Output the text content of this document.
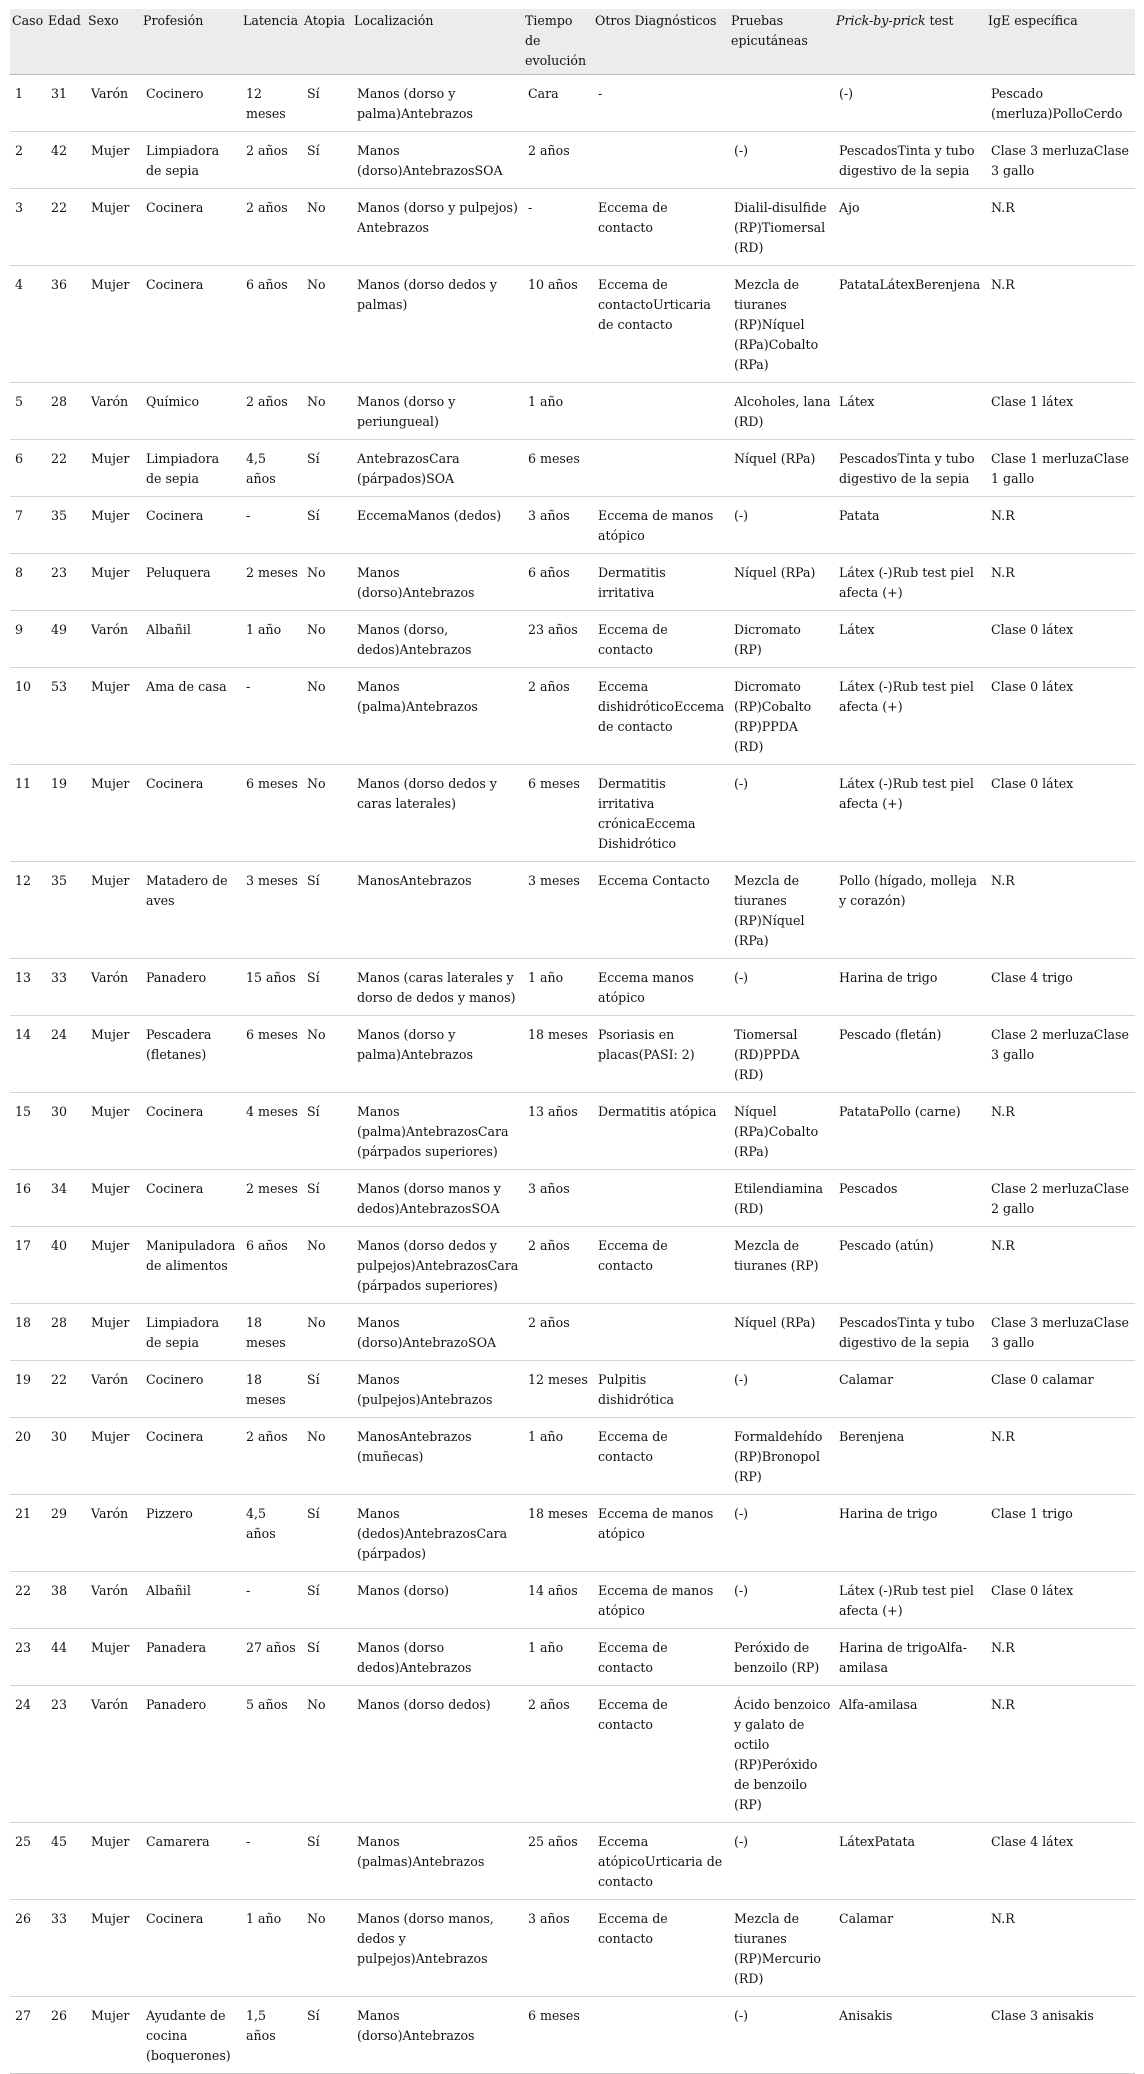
Caso	Edad	Sexo	Profesión	Latencia	Atopia	Localización	Tiempo de evolución	Otros Diagnósticos	Pruebas epicutáneas	Prick-by-prick test	IgE específica
1	31	Varón	Cocinero	12 meses	Sí	Manos (dorso y palma)Antebrazos	Cara	-		(-)	Pescado (merluza)PolloCerdo
2	42	Mujer	Limpiadora de sepia	2 años	Sí	Manos (dorso)AntebrazosSOA	2 años		(-)	PescadosTinta y tubo digestivo de la sepia	Clase 3 merluzaClase 3 gallo
3	22	Mujer	Cocinera	2 años	No	Manos (dorso y pulpejos) Antebrazos	-	Eccema de contacto	Dialil-disulfide (RP)Tiomersal (RD)	Ajo	N.R
4	36	Mujer	Cocinera	6 años	No	Manos (dorso dedos y palmas)	10 años	Eccema de contactoUrticaria de contacto	Mezcla de tiuranes (RP)Níquel (RPa)Cobalto (RPa)	PatataLátexBerenjena	N.R
5	28	Varón	Químico	2 años	No	Manos (dorso y periungueal)	1 año		Alcoholes, lana (RD)	Látex	Clase 1 látex
6	22	Mujer	Limpiadora de sepia	4,5 años	Sí	AntebrazosCara (párpados)SOA	6 meses		Níquel (RPa)	PescadosTinta y tubo digestivo de la sepia	Clase 1 merluzaClase 1 gallo
7	35	Mujer	Cocinera	-	Sí	EccemaManos (dedos)	3 años	Eccema de manos atópico	(-)	Patata	N.R
8	23	Mujer	Peluquera	2 meses	No	Manos (dorso)Antebrazos	6 años	Dermatitis irritativa	Níquel (RPa)	Látex (-)Rub test piel afecta (+)	N.R
9	49	Varón	Albañil	1 año	No	Manos (dorso, dedos)Antebrazos	23 años	Eccema de contacto	Dicromato (RP)	Látex	Clase 0 látex
10	53	Mujer	Ama de casa	-	No	Manos (palma)Antebrazos	2 años	Eccema dishidróticoEccema de contacto	Dicromato (RP)Cobalto (RP)PPDA (RD)	Látex (-)Rub test piel afecta (+)	Clase 0 látex
11	19	Mujer	Cocinera	6 meses	No	Manos (dorso dedos y caras laterales)	6 meses	Dermatitis irritativa crónicaEccema Dishidrótico	(-)	Látex (-)Rub test piel afecta (+)	Clase 0 látex
12	35	Mujer	Matadero de aves	3 meses	Sí	ManosAntebrazos	3 meses	Eccema Contacto	Mezcla de tiuranes (RP)Níquel (RPa)	Pollo (hígado, molleja y corazón)	N.R
13	33	Varón	Panadero	15 años	Sí	Manos (caras laterales y dorso de dedos y manos)	1 año	Eccema manos atópico	(-)	Harina de trigo	Clase 4 trigo
14	24	Mujer	Pescadera (fletanes)	6 meses	No	Manos (dorso y palma)Antebrazos	18 meses	Psoriasis en placas(PASI: 2)	Tiomersal (RD)PPDA (RD)	Pescado (fletán)	Clase 2 merluzaClase 3 gallo
15	30	Mujer	Cocinera	4 meses	Sí	Manos (palma)AntebrazosCara (párpados superiores)	13 años	Dermatitis atópica	Níquel (RPa)Cobalto (RPa)	PatataPollo (carne)	N.R
16	34	Mujer	Cocinera	2 meses	Sí	Manos (dorso manos y dedos)AntebrazosSOA	3 años		Etilendiamina (RD)	Pescados	Clase 2 merluzaClase 2 gallo
17	40	Mujer	Manipuladora de alimentos	6 años	No	Manos (dorso dedos y pulpejos)AntebrazosCara (párpados superiores)	2 años	Eccema de contacto	Mezcla de tiuranes (RP)	Pescado (atún)	N.R
18	28	Mujer	Limpiadora de sepia	18 meses	No	Manos (dorso)AntebrazoSOA	2 años		Níquel (RPa)	PescadosTinta y tubo digestivo de la sepia	Clase 3 merluzaClase 3 gallo
19	22	Varón	Cocinero	18 meses	Sí	Manos (pulpejos)Antebrazos	12 meses	Pulpitis dishidrótica	(-)	Calamar	Clase 0 calamar
20	30	Mujer	Cocinera	2 años	No	ManosAntebrazos (muñecas)	1 año	Eccema de contacto	Formaldehído (RP)Bronopol (RP)	Berenjena	N.R
21	29	Varón	Pizzero	4,5 años	Sí	Manos (dedos)AntebrazosCara (párpados)	18 meses	Eccema de manos atópico	(-)	Harina de trigo	Clase 1 trigo
22	38	Varón	Albañil	-	Sí	Manos (dorso)	14 años	Eccema de manos atópico	(-)	Látex (-)Rub test piel afecta (+)	Clase 0 látex
23	44	Mujer	Panadera	27 años	Sí	Manos (dorso dedos)Antebrazos	1 año	Eccema de contacto	Peróxido de benzoilo (RP)	Harina de trigoAlfa-amilasa	N.R
24	23	Varón	Panadero	5 años	No	Manos (dorso dedos)	2 años	Eccema de contacto	Ácido benzoico y galato de octilo (RP)Peróxido de benzoilo (RP)	Alfa-amilasa	N.R
25	45	Mujer	Camarera	-	Sí	Manos (palmas)Antebrazos	25 años	Eccema atópicoUrticaria de contacto	(-)	LátexPatata	Clase 4 látex
26	33	Mujer	Cocinera	1 año	No	Manos (dorso manos, dedos y pulpejos)Antebrazos	3 años	Eccema de contacto	Mezcla de tiuranes (RP)Mercurio (RD)	Calamar	N.R
27	26	Mujer	Ayudante de cocina (boquerones)	1,5 años	Sí	Manos (dorso)Antebrazos	6 meses		(-)	Anisakis	Clase 3 anisakis
